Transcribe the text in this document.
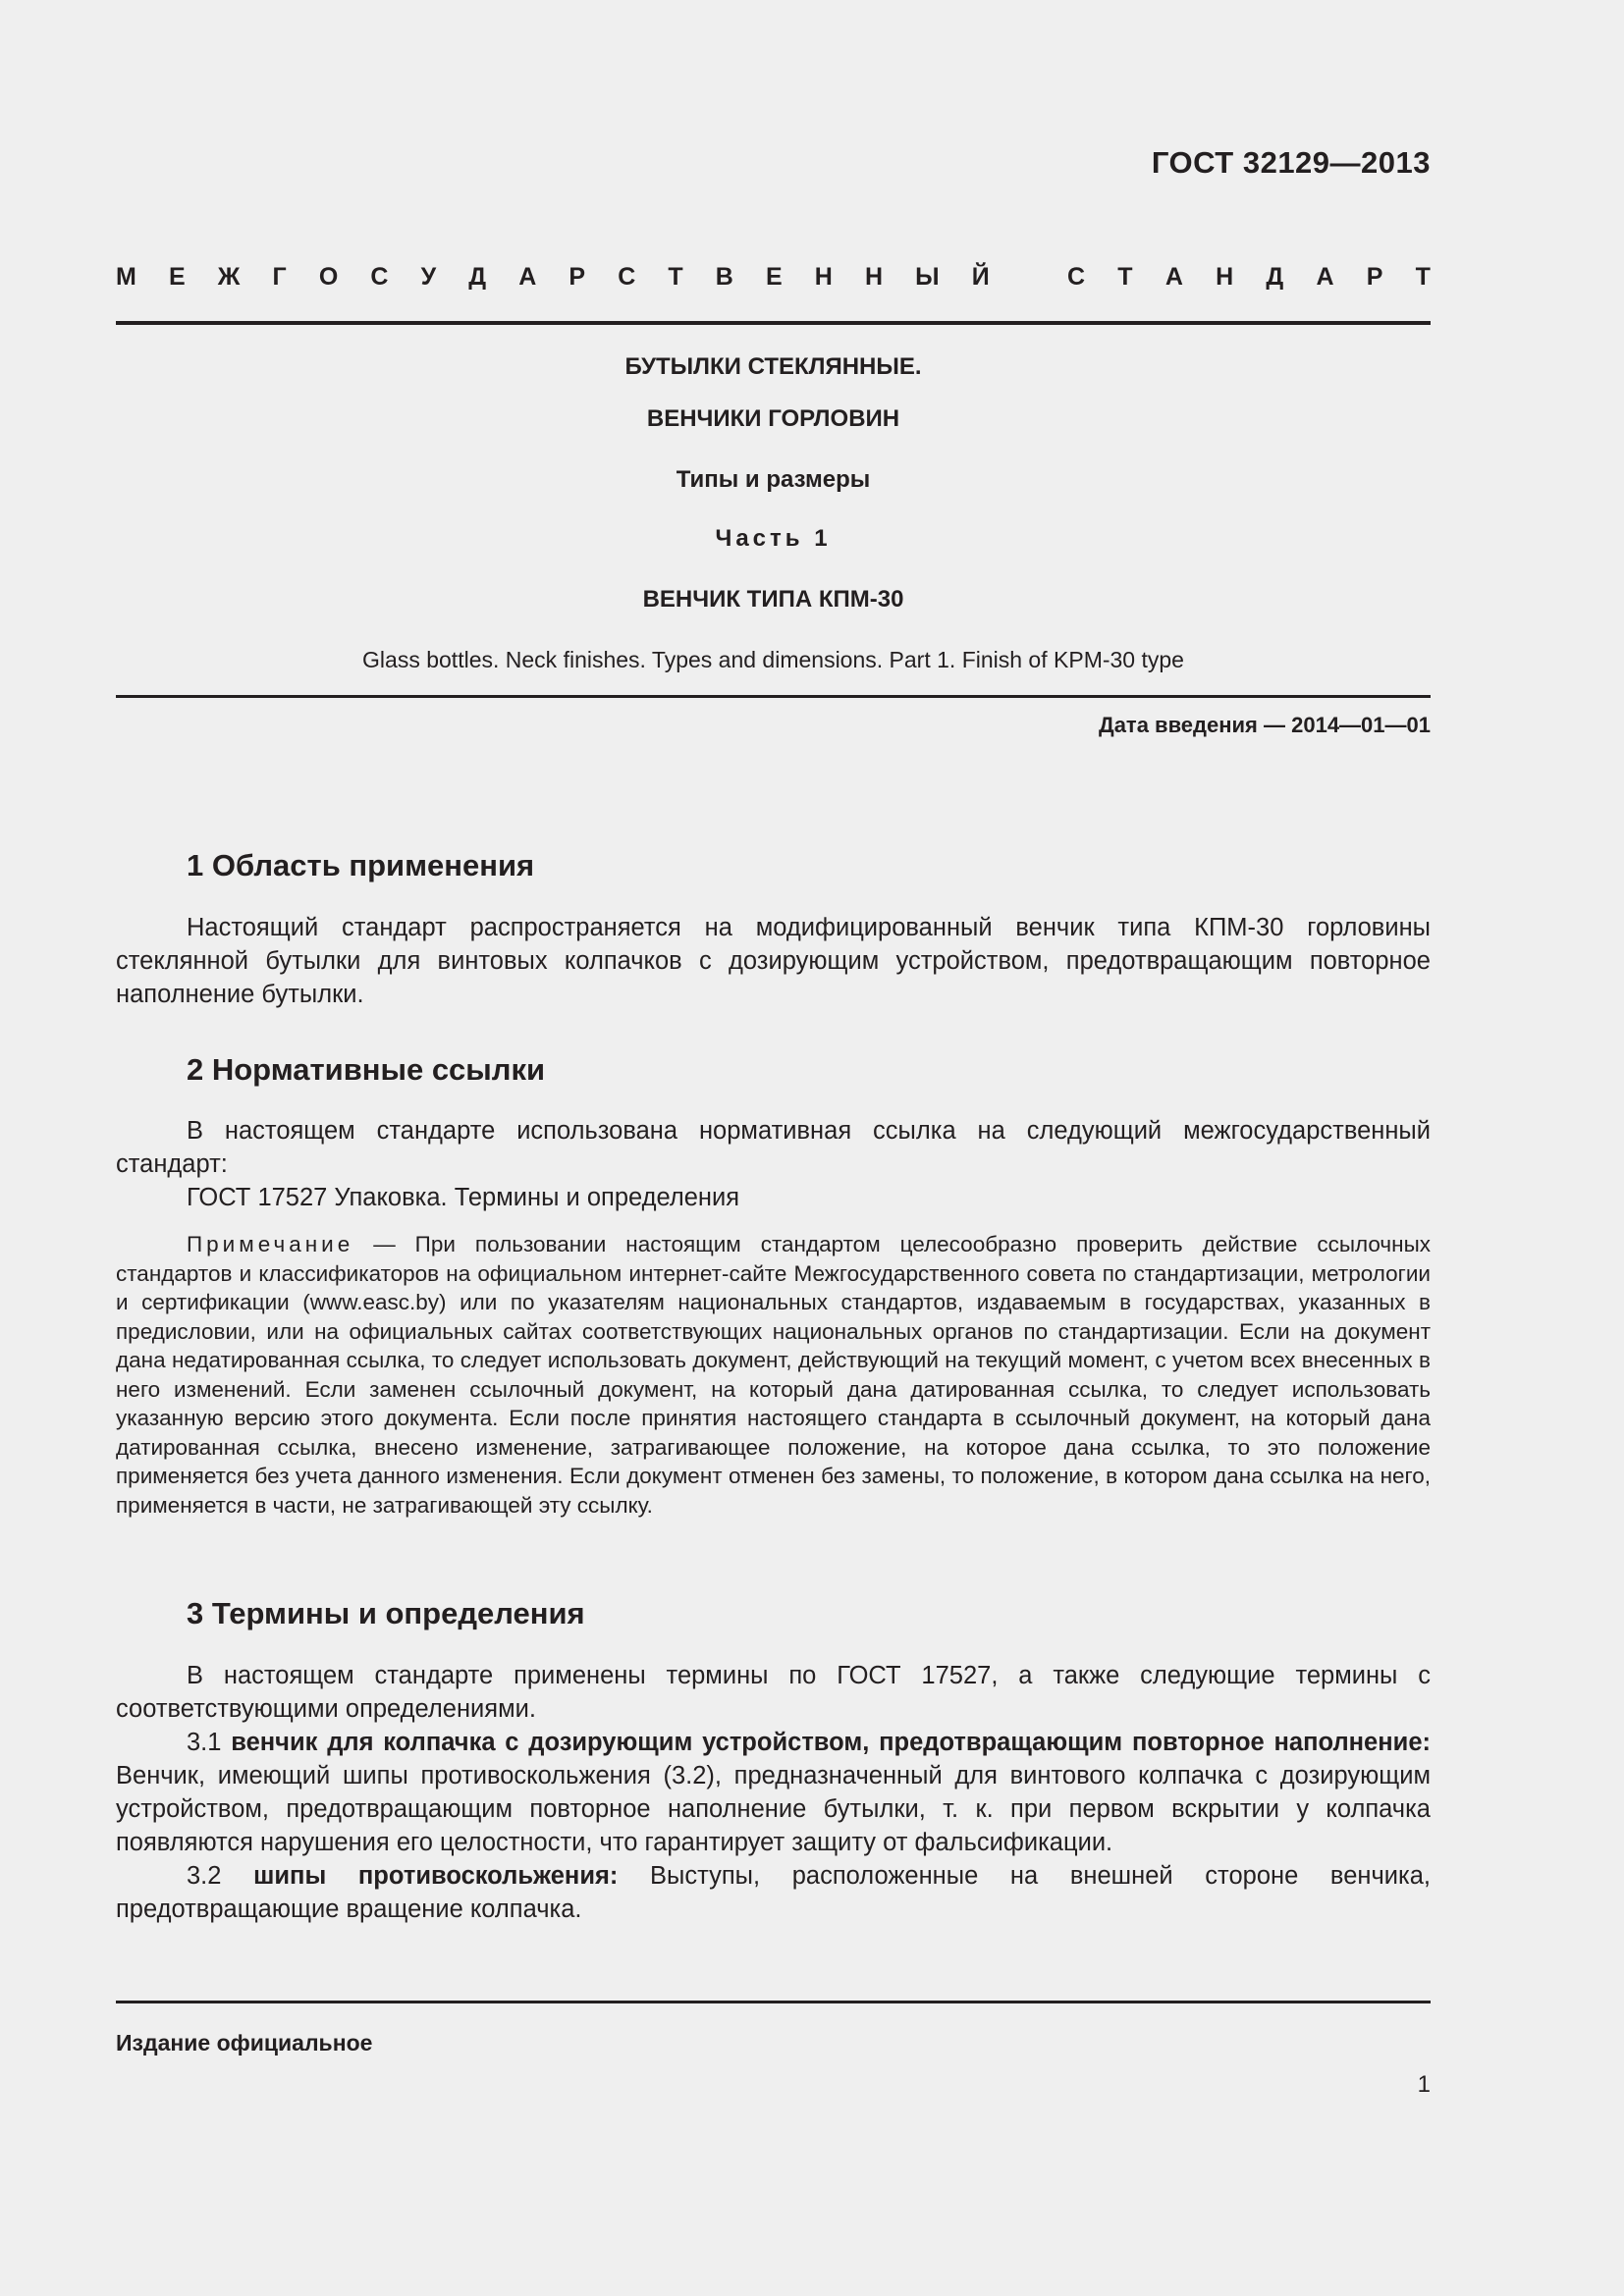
ГОСТ 32129—2013
М Е Ж Г О С У Д А Р С Т В Е Н Н Ы Й	С Т А Н Д А Р Т
БУТЫЛКИ СТЕКЛЯННЫЕ.
ВЕНЧИКИ ГОРЛОВИН
Типы и размеры
Часть 1
ВЕНЧИК ТИПА КПМ-30
Glass bottles. Neck finishes. Types and dimensions. Part 1. Finish of KPM-30 type
Дата введения — 2014—01—01
1 Область применения
Настоящий стандарт распространяется на модифицированный венчик типа КПМ-30 горловины стеклянной бутылки для винтовых колпачков с дозирующим устройством, предотвращающим повторное наполнение бутылки.
2 Нормативные ссылки
В настоящем стандарте использована нормативная ссылка на следующий межгосударственный стандарт:
ГОСТ 17527 Упаковка. Термины и определения
Примечание — При пользовании настоящим стандартом целесообразно проверить действие ссылочных стандартов и классификаторов на официальном интернет-сайте Межгосударственного совета по стандартизации, метрологии и сертификации (www.easc.by) или по указателям национальных стандартов, издаваемым в государствах, указанных в предисловии, или на официальных сайтах соответствующих национальных органов по стандартизации. Если на документ дана недатированная ссылка, то следует использовать документ, действующий на текущий момент, с учетом всех внесенных в него изменений. Если заменен ссылочный документ, на который дана датированная ссылка, то следует использовать указанную версию этого документа. Если после принятия настоящего стандарта в ссылочный документ, на который дана датированная ссылка, внесено изменение, затрагивающее положение, на которое дана ссылка, то это положение применяется без учета данного изменения. Если документ отменен без замены, то положение, в котором дана ссылка на него, применяется в части, не затрагивающей эту ссылку.
3 Термины и определения
В настоящем стандарте применены термины по ГОСТ 17527, а также следующие термины с соответствующими определениями.
3.1 венчик для колпачка с дозирующим устройством, предотвращающим повторное наполнение: Венчик, имеющий шипы противоскольжения (3.2), предназначенный для винтового колпачка с дозирующим устройством, предотвращающим повторное наполнение бутылки, т. к. при первом вскрытии у колпачка появляются нарушения его целостности, что гарантирует защиту от фальсификации.
3.2 шипы противоскольжения: Выступы, расположенные на внешней стороне венчика, предотвращающие вращение колпачка.
Издание официальное
1
